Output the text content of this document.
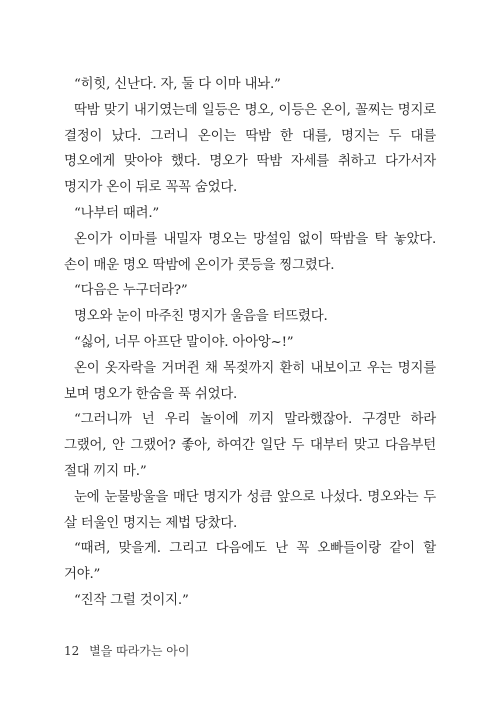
“히힛, 신난다. 자, 둘 다 이마 내놔.”

딱밤 맞기 내기였는데 일등은 명오, 이등은 온이, 꼴찌는 명지로 결정이 났다. 그러니 온이는 딱밤 한 대를, 명지는 두 대를 명오에게 맞아야 했다. 명오가 딱밤 자세를 취하고 다가서자 명지가 온이 뒤로 꼭꼭 숨었다.

“나부터 때려.”

온이가 이마를 내밀자 명오는 망설임 없이 딱밤을 탁 놓았다. 손이 매운 명오 딱밤에 온이가 콧등을 찡그렸다.

“다음은 누구더라?”

명오와 눈이 마주친 명지가 울음을 터뜨렸다.

“싫어, 너무 아프단 말이야. 아아앙~!”

온이 옷자락을 거머쥔 채 목젖까지 환히 내보이고 우는 명지를 보며 명오가 한숨을 푹 쉬었다.

“그러니까 넌 우리 놀이에 끼지 말라했잖아. 구경만 하라 그랬어, 안 그랬어? 좋아, 하여간 일단 두 대부터 맞고 다음부턴 절대 끼지 마.”

눈에 눈물방울을 매단 명지가 성큼 앞으로 나섰다. 명오와는 두 살 터울인 명지는 제법 당찼다.

“때려, 맞을게. 그리고 다음에도 난 꼭 오빠들이랑 같이 할 거야.”

“진작 그럴 것이지.”

12 별을 따라가는 아이
